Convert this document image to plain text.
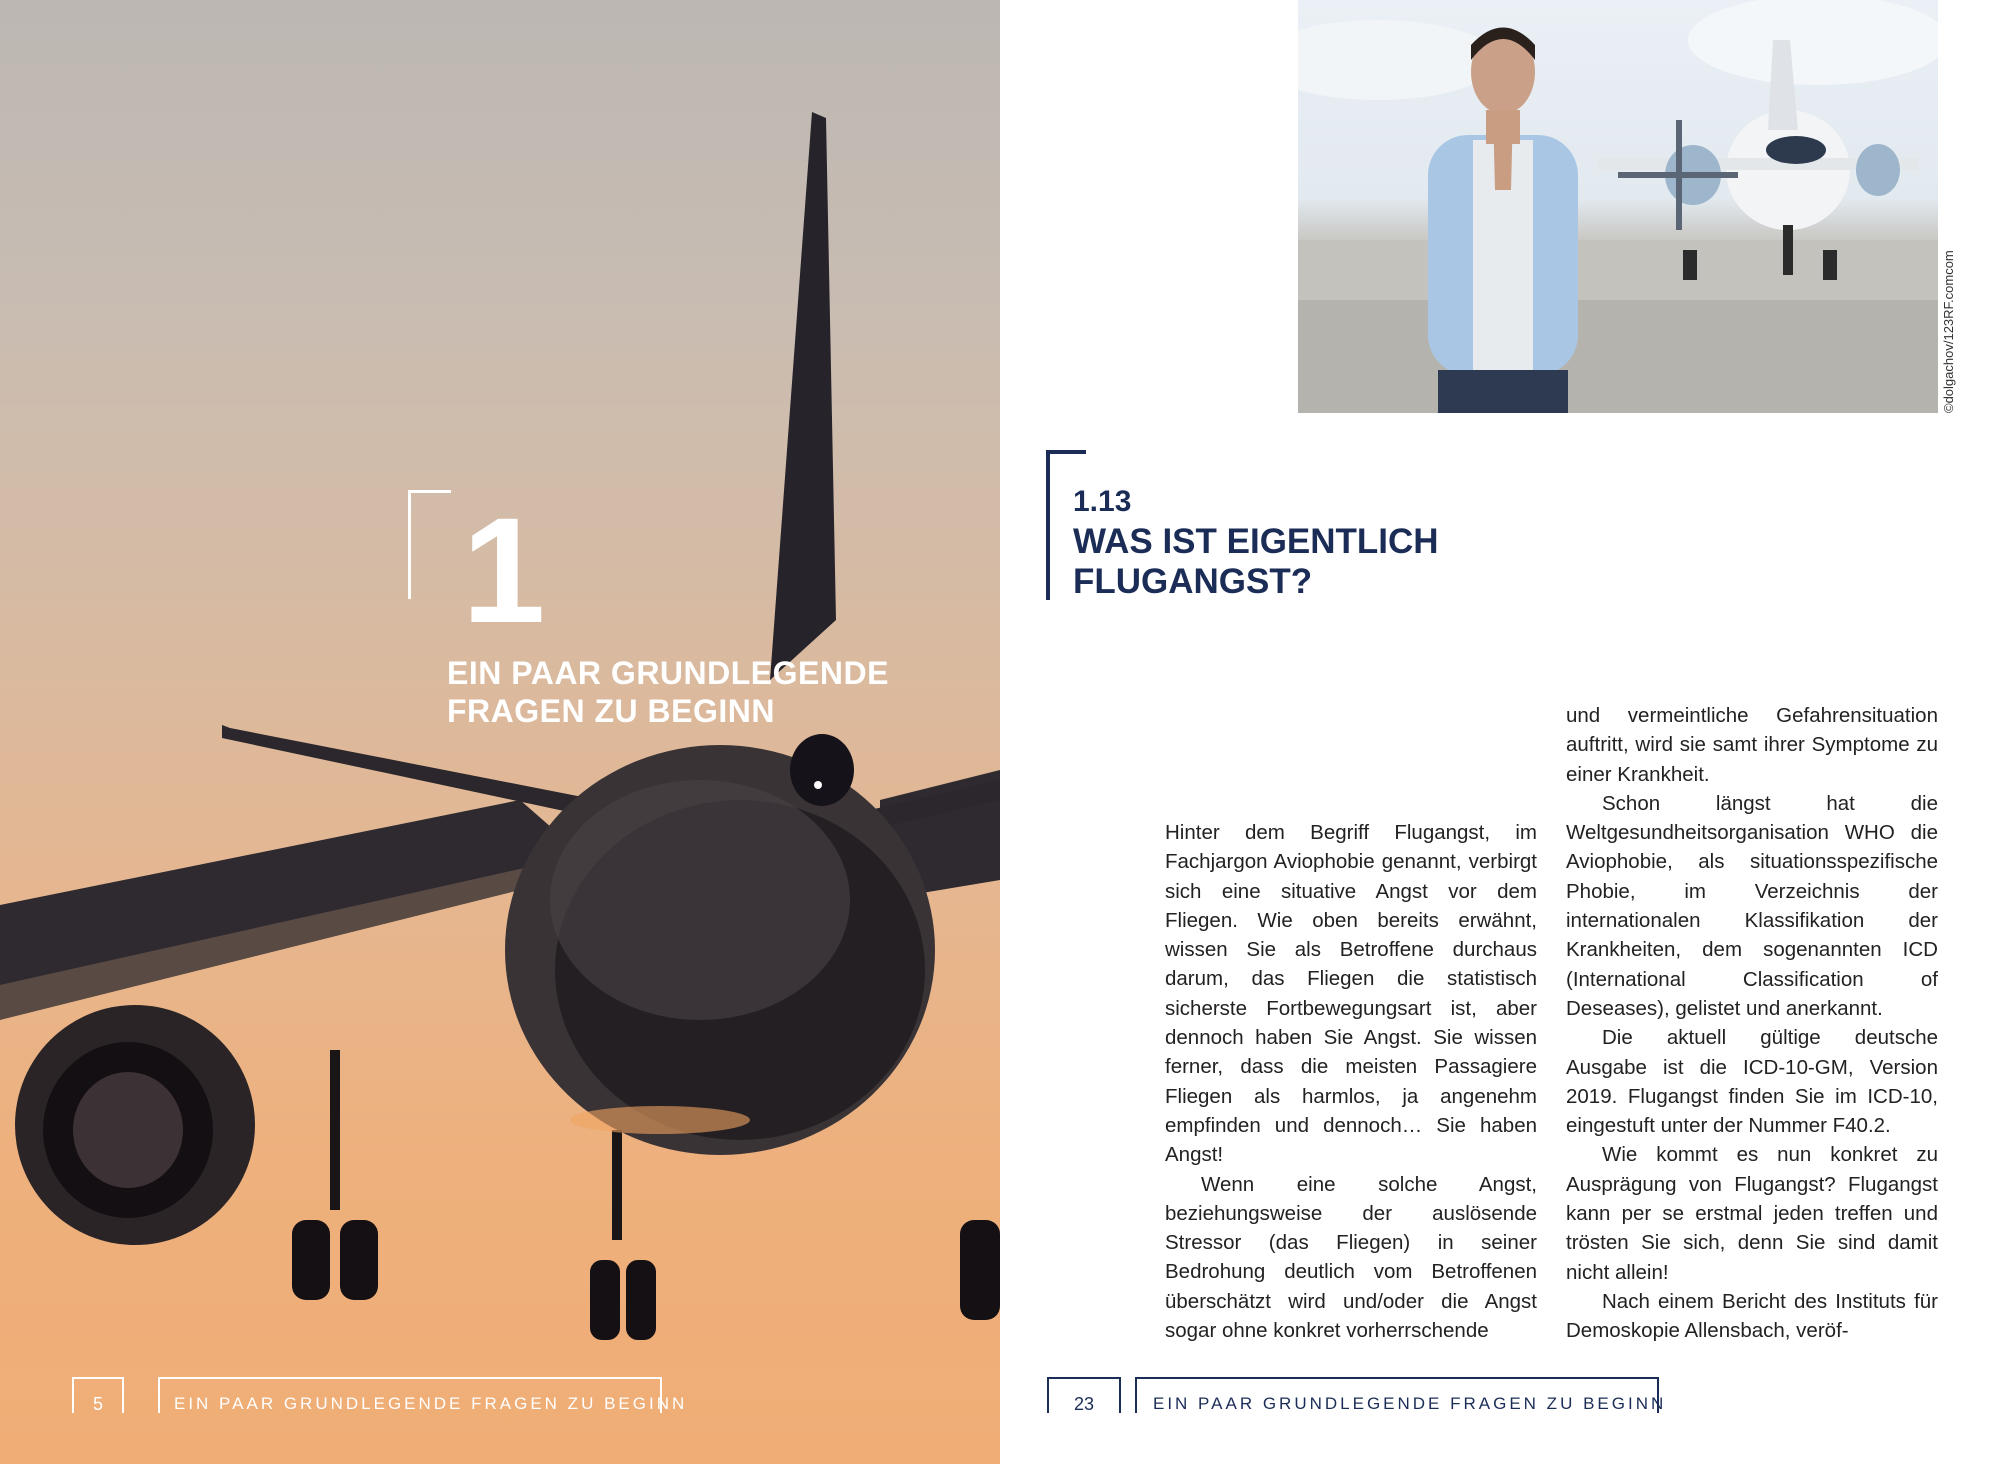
1
EIN PAAR GRUNDLEGENDE
FRAGEN ZU BEGINN
5	EIN PAAR GRUNDLEGENDE FRAGEN ZU BEGINN
©dolgachov/123RF.comcom
1.13
WAS IST EIGENTLICH
FLUGANGST?

Hinter dem Begriff Flugangst, im Fachjargon Aviophobie genannt, verbirgt sich eine situative Angst vor dem Fliegen. Wie oben bereits erwähnt, wissen Sie als Betroffene durchaus darum, das Fliegen die statistisch sicherste Fortbewegungsart ist, aber dennoch haben Sie Angst. Sie wissen ferner, dass die meisten Passagiere Fliegen als harmlos, ja angenehm empfinden und dennoch… Sie haben Angst!

Wenn eine solche Angst, beziehungsweise der auslösende Stressor (das Fliegen) in seiner Bedrohung deutlich vom Betroffenen überschätzt wird und/oder die Angst sogar ohne konkret vorherrschende

und vermeintliche Gefahrensituation auftritt, wird sie samt ihrer Symptome zu einer Krankheit.

Schon längst hat die Weltgesundheitsorganisation WHO die Aviophobie, als situationsspezifische Phobie, im Verzeichnis der internationalen Klassifikation der Krankheiten, dem sogenannten ICD (International Classification of Deseases), gelistet und anerkannt.

Die aktuell gültige deutsche Ausgabe ist die ICD-10-GM, Version 2019. Flugangst finden Sie im ICD-10, eingestuft unter der Nummer F40.2.

Wie kommt es nun konkret zu Ausprägung von Flugangst? Flugangst kann per se erstmal jeden treffen und trösten Sie sich, denn Sie sind damit nicht allein!

Nach einem Bericht des Instituts für Demoskopie Allensbach, veröf-

23	EIN PAAR GRUNDLEGENDE FRAGEN ZU BEGINN
